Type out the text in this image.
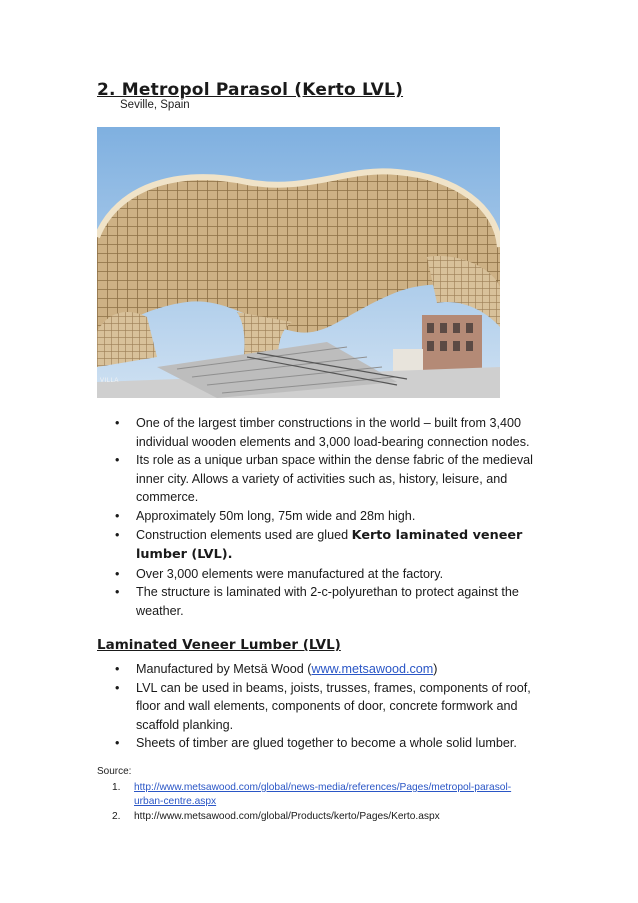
2. Metropol Parasol (Kerto LVL)
Seville, Spain
VILLA
• One of the largest timber constructions in the world – built from 3,400 individual wooden elements and 3,000 load-bearing connection nodes.
• Its role as a unique urban space within the dense fabric of the medieval inner city. Allows a variety of activities such as, history, leisure, and commerce.
• Approximately 50m long, 75m wide and 28m high.
• Construction elements used are glued Kerto laminated veneer lumber (LVL).
• Over 3,000 elements were manufactured at the factory.
• The structure is laminated with 2-c-polyurethan to protect against the weather.
Laminated Veneer Lumber (LVL)
• Manufactured by Metsä Wood (www.metsawood.com)
• LVL can be used in beams, joists, trusses, frames, components of roof, floor and wall elements, components of door, concrete formwork and scaffold planking.
• Sheets of timber are glued together to become a whole solid lumber.
Source:
1. http://www.metsawood.com/global/news-media/references/Pages/metropol-parasol-urban-centre.aspx
2. http://www.metsawood.com/global/Products/kerto/Pages/Kerto.aspx
